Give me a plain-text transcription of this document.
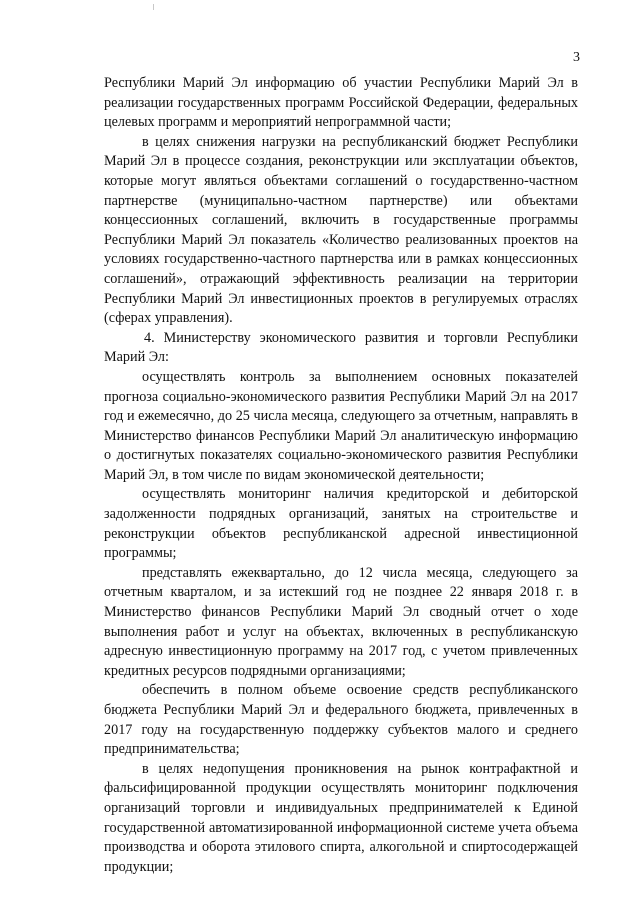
3

Республики Марий Эл информацию об участии Республики Марий Эл в реализации государственных программ Российской Федерации, федеральных целевых программ и мероприятий непрограммной части;

в целях снижения нагрузки на республиканский бюджет Республики Марий Эл в процессе создания, реконструкции или эксплуатации объектов, которые могут являться объектами соглашений о государственно-частном партнерстве (муниципально-частном партнерстве) или объектами концессионных соглашений, включить в государственные программы Республики Марий Эл показатель «Количество реализованных проектов на условиях государственно-частного партнерства или в рамках концессионных соглашений», отражающий эффективность реализации на территории Республики Марий Эл инвестиционных проектов в регулируемых отраслях (сферах управления).

4. Министерству экономического развития и торговли Республики Марий Эл:

осуществлять контроль за выполнением основных показателей прогноза социально-экономического развития Республики Марий Эл на 2017 год и ежемесячно, до 25 числа месяца, следующего за отчетным, направлять в Министерство финансов Республики Марий Эл аналитическую информацию о достигнутых показателях социально-экономического развития Республики Марий Эл, в том числе по видам экономической деятельности;

осуществлять мониторинг наличия кредиторской и дебиторской задолженности подрядных организаций, занятых на строительстве и реконструкции объектов республиканской адресной инвестиционной программы;

представлять ежеквартально, до 12 числа месяца, следующего за отчетным кварталом, и за истекший год не позднее 22 января 2018 г. в Министерство финансов Республики Марий Эл сводный отчет о ходе выполнения работ и услуг на объектах, включенных в республиканскую адресную инвестиционную программу на 2017 год, с учетом привлеченных кредитных ресурсов подрядными организациями;

обеспечить в полном объеме освоение средств республиканского бюджета Республики Марий Эл и федерального бюджета, привлеченных в 2017 году на государственную поддержку субъектов малого и среднего предпринимательства;

в целях недопущения проникновения на рынок контрафактной и фальсифицированной продукции осуществлять мониторинг подключения организаций торговли и индивидуальных предпринимателей к Единой государственной автоматизированной информационной системе учета объема производства и оборота этилового спирта, алкогольной и спиртосодержащей продукции;
